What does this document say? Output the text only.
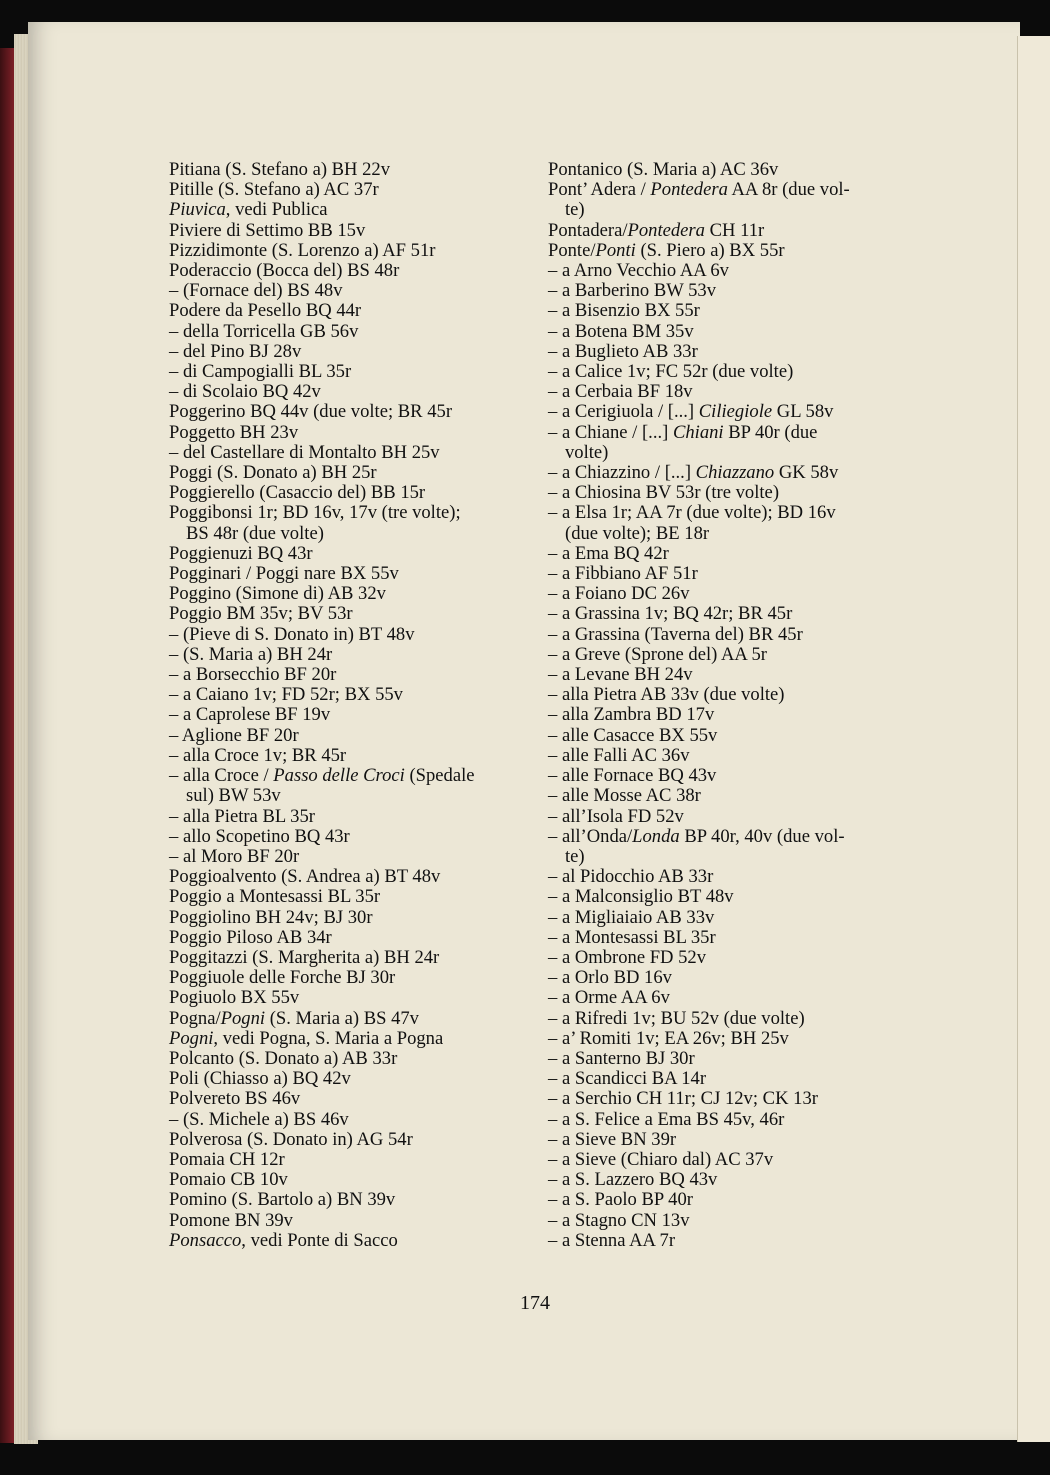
Pitiana (S. Stefano a) BH 22v
Pitille (S. Stefano a) AC 37r
Piuvica, vedi Publica
Piviere di Settimo BB 15v
Pizzidimonte (S. Lorenzo a) AF 51r
Poderaccio (Bocca del) BS 48r
– (Fornace del) BS 48v
Podere da Pesello BQ 44r
– della Torricella GB 56v
– del Pino BJ 28v
– di Campogialli BL 35r
– di Scolaio BQ 42v
Poggerino BQ 44v (due volte; BR 45r
Poggetto BH 23v
– del Castellare di Montalto BH 25v
Poggi (S. Donato a) BH 25r
Poggierello (Casaccio del) BB 15r
Poggibonsi 1r; BD 16v, 17v (tre volte);
BS 48r (due volte)
Poggienuzi BQ 43r
Pogginari / Poggi nare BX 55v
Poggino (Simone di) AB 32v
Poggio BM 35v; BV 53r
– (Pieve di S. Donato in) BT 48v
– (S. Maria a) BH 24r
– a Borsecchio BF 20r
– a Caiano 1v; FD 52r; BX 55v
– a Caprolese BF 19v
– Aglione BF 20r
– alla Croce 1v; BR 45r
– alla Croce / Passo delle Croci (Spedale
sul) BW 53v
– alla Pietra BL 35r
– allo Scopetino BQ 43r
– al Moro BF 20r
Poggioalvento (S. Andrea a) BT 48v
Poggio a Montesassi BL 35r
Poggiolino BH 24v; BJ 30r
Poggio Piloso AB 34r
Poggitazzi (S. Margherita a) BH 24r
Poggiuole delle Forche BJ 30r
Pogiuolo BX 55v
Pogna/Pogni (S. Maria a) BS 47v
Pogni, vedi Pogna, S. Maria a Pogna
Polcanto (S. Donato a) AB 33r
Poli (Chiasso a) BQ 42v
Polvereto BS 46v
– (S. Michele a) BS 46v
Polverosa (S. Donato in) AG 54r
Pomaia CH 12r
Pomaio CB 10v
Pomino (S. Bartolo a) BN 39v
Pomone BN 39v
Ponsacco, vedi Ponte di Sacco
Pontanico (S. Maria a) AC 36v
Pont’ Adera / Pontedera AA 8r (due vol-
te)
Pontadera/Pontedera CH 11r
Ponte/Ponti (S. Piero a) BX 55r
– a Arno Vecchio AA 6v
– a Barberino BW 53v
– a Bisenzio BX 55r
– a Botena BM 35v
– a Buglieto AB 33r
– a Calice 1v; FC 52r (due volte)
– a Cerbaia BF 18v
– a Cerigiuola / [...] Ciliegiole GL 58v
– a Chiane / [...] Chiani BP 40r (due
volte)
– a Chiazzino / [...] Chiazzano GK 58v
– a Chiosina BV 53r (tre volte)
– a Elsa 1r; AA 7r (due volte); BD 16v
(due volte); BE 18r
– a Ema BQ 42r
– a Fibbiano AF 51r
– a Foiano DC 26v
– a Grassina 1v; BQ 42r; BR 45r
– a Grassina (Taverna del) BR 45r
– a Greve (Sprone del) AA 5r
– a Levane BH 24v
– alla Pietra AB 33v (due volte)
– alla Zambra BD 17v
– alle Casacce BX 55v
– alle Falli AC 36v
– alle Fornace BQ 43v
– alle Mosse AC 38r
– all’Isola FD 52v
– all’Onda/Londa BP 40r, 40v (due vol-
te)
– al Pidocchio AB 33r
– a Malconsiglio BT 48v
– a Migliaiaio AB 33v
– a Montesassi BL 35r
– a Ombrone FD 52v
– a Orlo BD 16v
– a Orme AA 6v
– a Rifredi 1v; BU 52v (due volte)
– a’ Romiti 1v; EA 26v; BH 25v
– a Santerno BJ 30r
– a Scandicci BA 14r
– a Serchio CH 11r; CJ 12v; CK 13r
– a S. Felice a Ema BS 45v, 46r
– a Sieve BN 39r
– a Sieve (Chiaro dal) AC 37v
– a S. Lazzero BQ 43v
– a S. Paolo BP 40r
– a Stagno CN 13v
– a Stenna AA 7r
174
